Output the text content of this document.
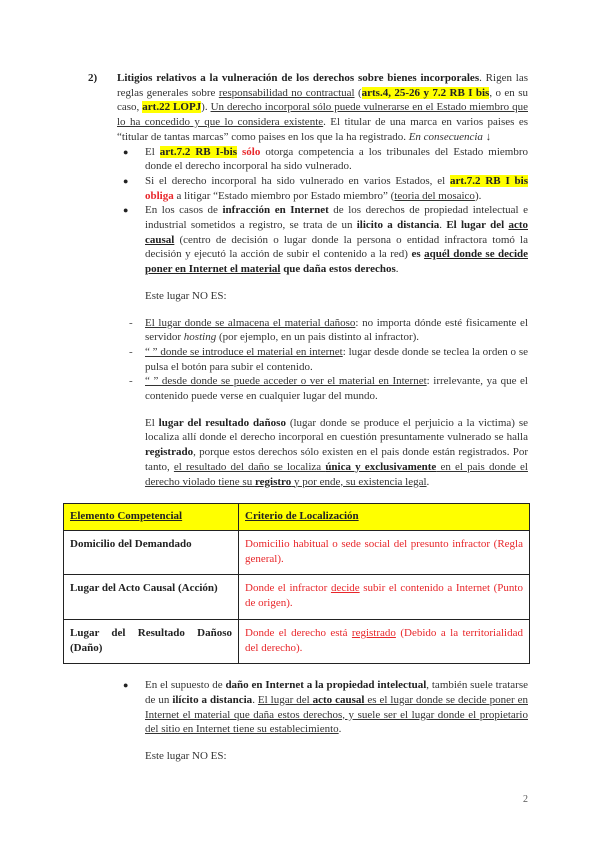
2) Litigios relativos a la vulneración de los derechos sobre bienes incorporales. Rigen las reglas generales sobre responsabilidad no contractual (arts.4, 25-26 y 7.2 RB I bis, o en su caso, art.22 LOPJ). Un derecho incorporal sólo puede vulnerarse en el Estado miembro que lo ha concedido y que lo considera existente. El titular de una marca en varios paises es “titular de tantas marcas” como paises en los que la ha registrado. En consecuencia ↓
● El art.7.2 RB I-bis sólo otorga competencia a los tribunales del Estado miembro donde el derecho incorporal ha sido vulnerado.
● Si el derecho incorporal ha sido vulnerado en varios Estados, el art.7.2 RB I bis obliga a litigar “Estado miembro por Estado miembro” (teoria del mosaico).
● En los casos de infracción en Internet de los derechos de propiedad intelectual e industrial sometidos a registro, se trata de un ilicito a distancia. El lugar del acto causal (centro de decisión o lugar donde la persona o entidad infractora tomó la decisión y ejecutó la acción de subir el contenido a la red) es aquél donde se decide poner en Internet el material que daña estos derechos.
Este lugar NO ES:
- El lugar donde se almacena el material dañoso: no importa dónde esté fisicamente el servidor hosting (por ejemplo, en un pais distinto al infractor).
- “ ” donde se introduce el material en internet: lugar desde donde se teclea la orden o se pulsa el botón para subir el contenido.
- “ ” desde donde se puede acceder o ver el material en Internet: irrelevante, ya que el contenido puede verse en cualquier lugar del mundo.
El lugar del resultado dañoso (lugar donde se produce el perjuicio a la victima) se localiza allí donde el derecho incorporal en cuestión presuntamente vulnerado se halla registrado, porque estos derechos sólo existen en el pais donde están registrados. Por tanto, el resultado del daño se localiza única y exclusivamente en el pais donde el derecho violado tiene su registro y por ende, su existencia legal.
Elemento Competencial	Criterio de Localización
Domicilio del Demandado	Domicilio habitual o sede social del presunto infractor (Regla general).
Lugar del Acto Causal (Acción)	Donde el infractor decide subir el contenido a Internet (Punto de origen).
Lugar del Resultado Dañoso (Daño)	Donde el derecho está registrado (Debido a la territorialidad del derecho).
● En el supuesto de daño en Internet a la propiedad intelectual, también suele tratarse de un ilícito a distancia. El lugar del acto causal es el lugar donde se decide poner en Internet el material que daña estos derechos, y suele ser el lugar donde el propietario del sitio en Internet tiene su establecimiento.
Este lugar NO ES:
2
